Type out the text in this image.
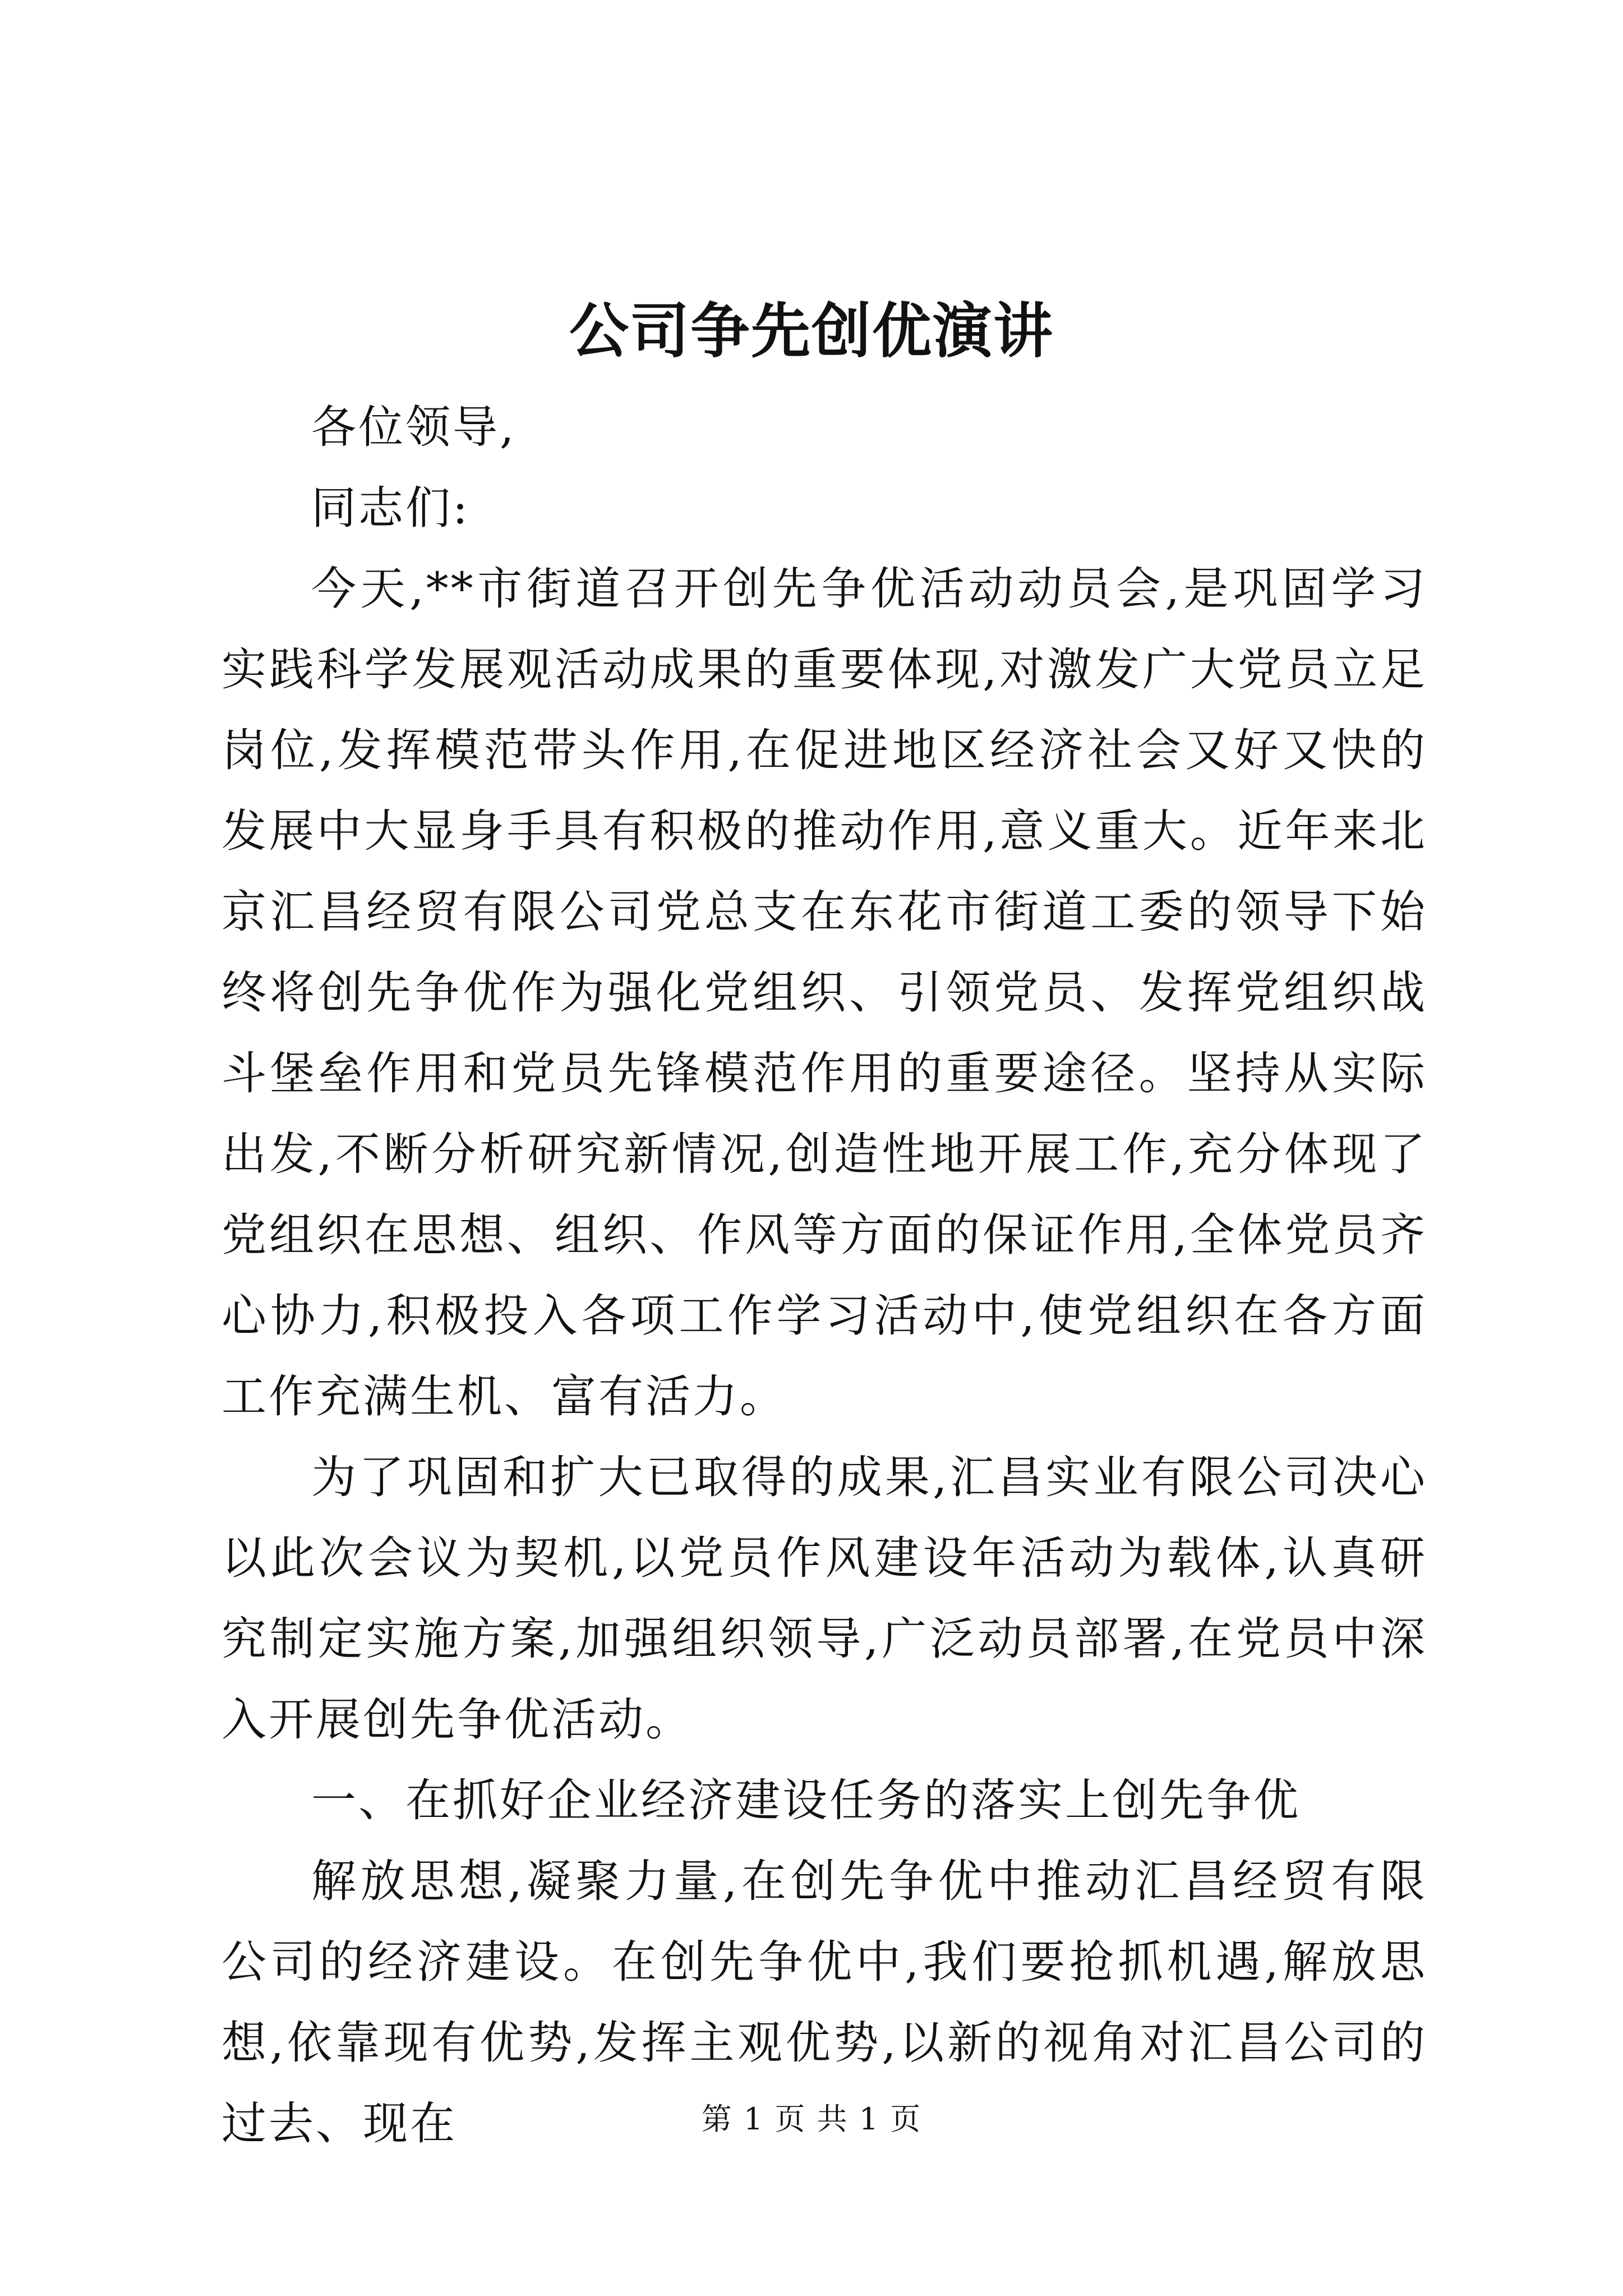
公司争先创优演讲

各位领导,

同志们:

今天,**市街道召开创先争优活动动员会,是巩固学习实践科学发展观活动成果的重要体现,对激发广大党员立足岗位,发挥模范带头作用,在促进地区经济社会又好又快的发展中大显身手具有积极的推动作用,意义重大。近年来北京汇昌经贸有限公司党总支在东花市街道工委的领导下始终将创先争优作为强化党组织、引领党员、发挥党组织战斗堡垒作用和党员先锋模范作用的重要途径。坚持从实际出发,不断分析研究新情况,创造性地开展工作,充分体现了党组织在思想、组织、作风等方面的保证作用,全体党员齐心协力,积极投入各项工作学习活动中,使党组织在各方面工作充满生机、富有活力。

为了巩固和扩大已取得的成果,汇昌实业有限公司决心以此次会议为契机,以党员作风建设年活动为载体,认真研究制定实施方案,加强组织领导,广泛动员部署,在党员中深入开展创先争优活动。

一、在抓好企业经济建设任务的落实上创先争优

解放思想,凝聚力量,在创先争优中推动汇昌经贸有限公司的经济建设。在创先争优中,我们要抢抓机遇,解放思想,依靠现有优势,发挥主观优势,以新的视角对汇昌公司的过去、现在	第 1 页 共 1 页
